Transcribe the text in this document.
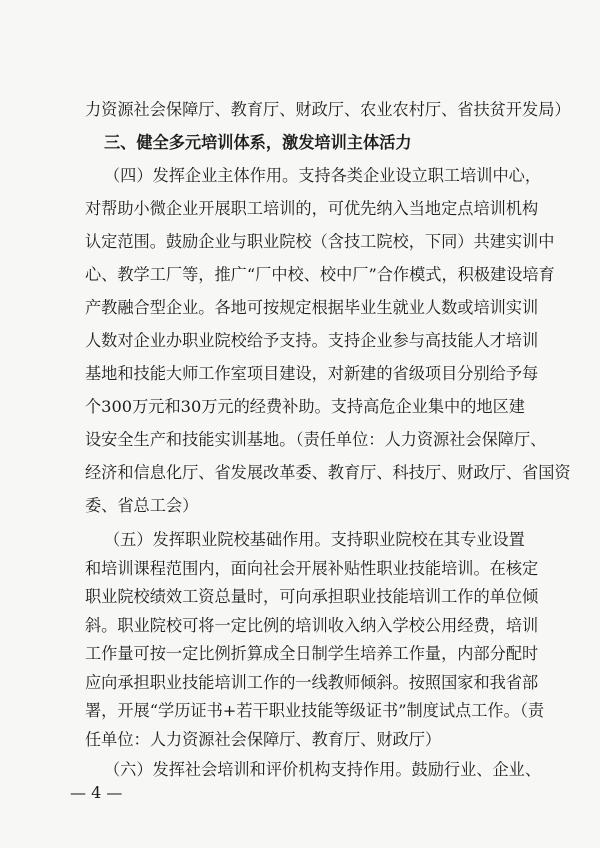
力资源社会保障厅、教育厅、财政厅、农业农村厅、省扶贫开发局）
三、健全多元培训体系，激发培训主体活力
（四）发挥企业主体作用。支持各类企业设立职工培训中心，
对帮助小微企业开展职工培训的，可优先纳入当地定点培训机构
认定范围。鼓励企业与职业院校（含技工院校，下同）共建实训中
心、教学工厂等，推广“厂中校、校中厂”合作模式，积极建设培育
产教融合型企业。各地可按规定根据毕业生就业人数或培训实训
人数对企业办职业院校给予支持。支持企业参与高技能人才培训
基地和技能大师工作室项目建设，对新建的省级项目分别给予每
个300万元和30万元的经费补助。支持高危企业集中的地区建
设安全生产和技能实训基地。（责任单位：人力资源社会保障厅、
经济和信息化厅、省发展改革委、教育厅、科技厅、财政厅、省国资
委、省总工会）
（五）发挥职业院校基础作用。支持职业院校在其专业设置
和培训课程范围内，面向社会开展补贴性职业技能培训。在核定
职业院校绩效工资总量时，可向承担职业技能培训工作的单位倾
斜。职业院校可将一定比例的培训收入纳入学校公用经费，培训
工作量可按一定比例折算成全日制学生培养工作量，内部分配时
应向承担职业技能培训工作的一线教师倾斜。按照国家和我省部
署，开展“学历证书+若干职业技能等级证书”制度试点工作。（责
任单位：人力资源社会保障厅、教育厅、财政厅）
（六）发挥社会培训和评价机构支持作用。鼓励行业、企业、
— 4 —
